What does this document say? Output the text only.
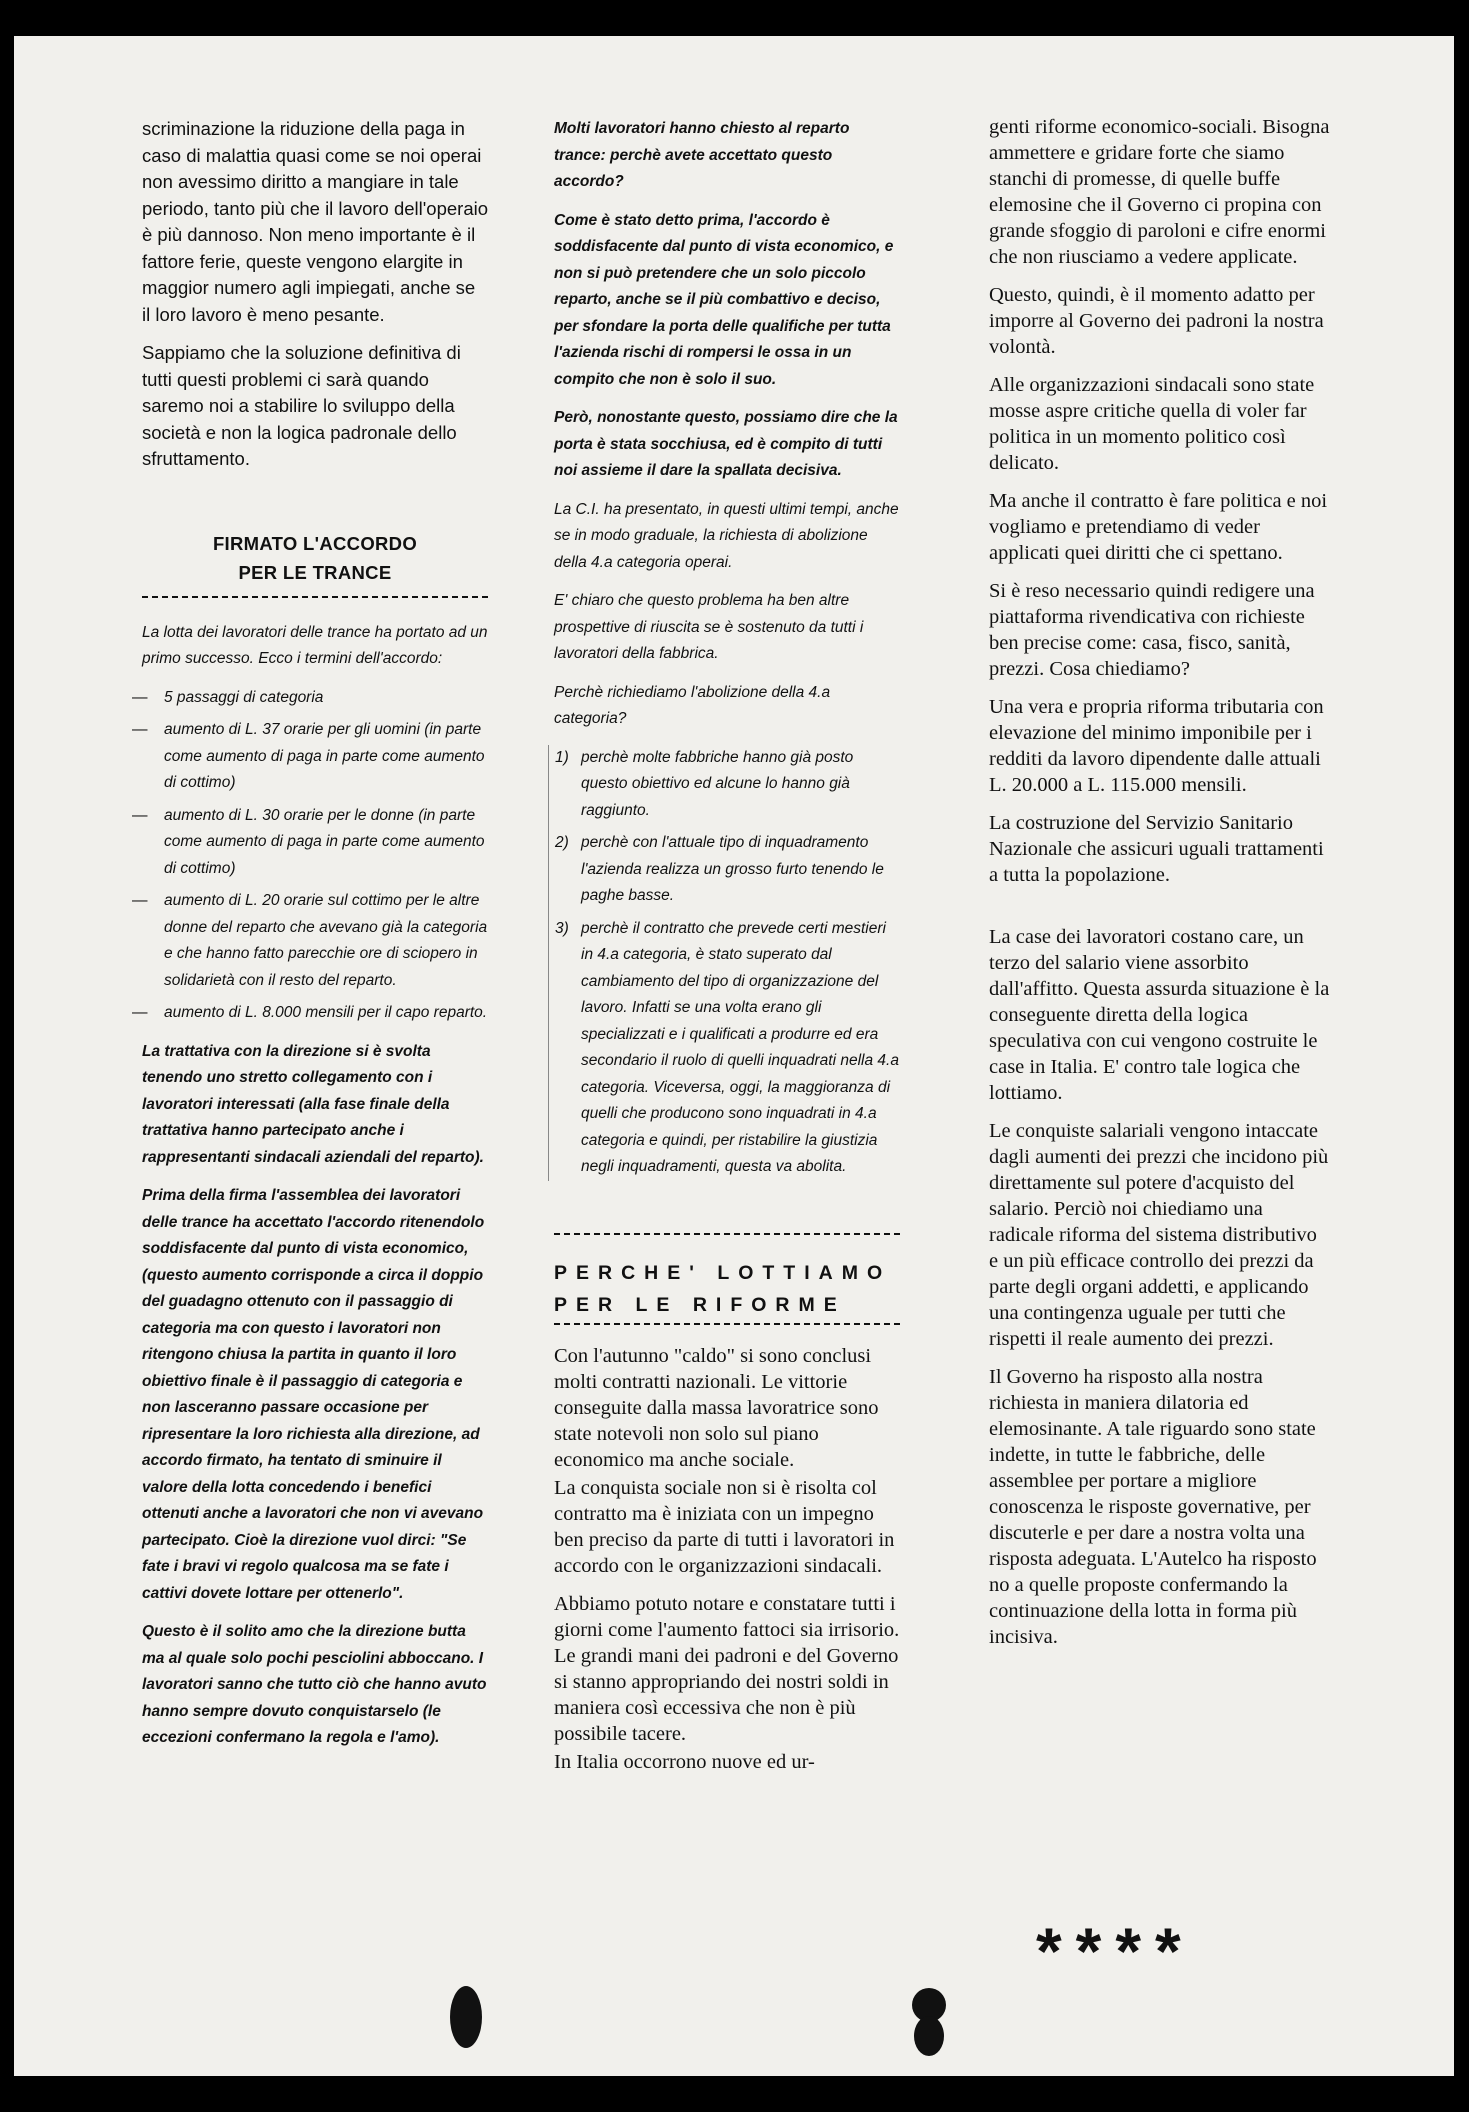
scriminazione la riduzione della paga in caso di malattia quasi come se noi operai non avessimo diritto a mangiare in tale periodo, tanto più che il lavoro dell'operaio è più dannoso. Non meno importante è il fattore ferie, queste vengono elargite in maggior numero agli impiegati, anche se il loro lavoro è meno pesante.

Sappiamo che la soluzione definitiva di tutti questi problemi ci sarà quando saremo noi a stabilire lo sviluppo della società e non la logica padronale dello sfruttamento.

FIRMATO L'ACCORDO
PER LE TRANCE

La lotta dei lavoratori delle trance ha portato ad un primo successo. Ecco i termini dell'accordo:

— 5 passaggi di categoria
— aumento di L. 37 orarie per gli uomini (in parte come aumento di paga in parte come aumento di cottimo)
— aumento di L. 30 orarie per le donne (in parte come aumento di paga in parte come aumento di cottimo)
— aumento di L. 20 orarie sul cottimo per le altre donne del reparto che avevano già la categoria e che hanno fatto parecchie ore di sciopero in solidarietà con il resto del reparto.
— aumento di L. 8.000 mensili per il capo reparto.

La trattativa con la direzione si è svolta tenendo uno stretto collegamento con i lavoratori interessati (alla fase finale della trattativa hanno partecipato anche i rappresentanti sindacali aziendali del reparto).

Prima della firma l'assemblea dei lavoratori delle trance ha accettato l'accordo ritenendolo soddisfacente dal punto di vista economico, (questo aumento corrisponde a circa il doppio del guadagno ottenuto con il passaggio di categoria ma con questo i lavoratori non ritengono chiusa la partita in quanto il loro obiettivo finale è il passaggio di categoria e non lasceranno passare occasione per ripresentare la loro richiesta alla direzione, ad accordo firmato, ha tentato di sminuire il valore della lotta concedendo i benefici ottenuti anche a lavoratori che non vi avevano partecipato. Cioè la direzione vuol dirci: "Se fate i bravi vi regolo qualcosa ma se fate i cattivi dovete lottare per ottenerlo".

Questo è il solito amo che la direzione butta ma al quale solo pochi pesciolini abboccano. I lavoratori sanno che tutto ciò che hanno avuto hanno sempre dovuto conquistarselo (le eccezioni confermano la regola e l'amo).

Molti lavoratori hanno chiesto al reparto trance: perchè avete accettato questo accordo?

Come è stato detto prima, l'accordo è soddisfacente dal punto di vista economico, e non si può pretendere che un solo piccolo reparto, anche se il più combattivo e deciso, per sfondare la porta delle qualifiche per tutta l'azienda rischi di rompersi le ossa in un compito che non è solo il suo.

Però, nonostante questo, possiamo dire che la porta è stata socchiusa, ed è compito di tutti noi assieme il dare la spallata decisiva.

La C.I. ha presentato, in questi ultimi tempi, anche se in modo graduale, la richiesta di abolizione della 4.a categoria operai.

E' chiaro che questo problema ha ben altre prospettive di riuscita se è sostenuto da tutti i lavoratori della fabbrica.

Perchè richiediamo l'abolizione della 4.a categoria?

1) perchè molte fabbriche hanno già posto questo obiettivo ed alcune lo hanno già raggiunto.
2) perchè con l'attuale tipo di inquadramento l'azienda realizza un grosso furto tenendo le paghe basse.
3) perchè il contratto che prevede certi mestieri in 4.a categoria, è stato superato dal cambiamento del tipo di organizzazione del lavoro. Infatti se una volta erano gli specializzati e i qualificati a produrre ed era secondario il ruolo di quelli inquadrati nella 4.a categoria. Viceversa, oggi, la maggioranza di quelli che producono sono inquadrati in 4.a categoria e quindi, per ristabilire la giustizia negli inquadramenti, questa va abolita.
PERCHE' LOTTIAMO
PER LE RIFORME

Con l'autunno "caldo" si sono conclusi molti contratti nazionali. Le vittorie conseguite dalla massa lavoratrice sono state notevoli non solo sul piano economico ma anche sociale.

La conquista sociale non si è risolta col contratto ma è iniziata con un impegno ben preciso da parte di tutti i lavoratori in accordo con le organizzazioni sindacali.

Abbiamo potuto notare e constatare tutti i giorni come l'aumento fattoci sia irrisorio. Le grandi mani dei padroni e del Governo si stanno appropriando dei nostri soldi in maniera così eccessiva che non è più possibile tacere.

In Italia occorrono nuove ed ur-

genti riforme economico-sociali. Bisogna ammettere e gridare forte che siamo stanchi di promesse, di quelle buffe elemosine che il Governo ci propina con grande sfoggio di paroloni e cifre enormi che non riusciamo a vedere applicate.

Questo, quindi, è il momento adatto per imporre al Governo dei padroni la nostra volontà.

Alle organizzazioni sindacali sono state mosse aspre critiche quella di voler far politica in un momento politico così delicato.

Ma anche il contratto è fare politica e noi vogliamo e pretendiamo di veder applicati quei diritti che ci spettano.

Si è reso necessario quindi redigere una piattaforma rivendicativa con richieste ben precise come: casa, fisco, sanità, prezzi. Cosa chiediamo?

Una vera e propria riforma tributaria con elevazione del minimo imponibile per i redditi da lavoro dipendente dalle attuali L. 20.000 a L. 115.000 mensili.

La costruzione del Servizio Sanitario Nazionale che assicuri uguali trattamenti a tutta la popolazione.

La case dei lavoratori costano care, un terzo del salario viene assorbito dall'affitto. Questa assurda situazione è la conseguente diretta della logica speculativa con cui vengono costruite le case in Italia. E' contro tale logica che lottiamo.

Le conquiste salariali vengono intaccate dagli aumenti dei prezzi che incidono più direttamente sul potere d'acquisto del salario. Perciò noi chiediamo una radicale riforma del sistema distributivo e un più efficace controllo dei prezzi da parte degli organi addetti, e applicando una contingenza uguale per tutti che rispetti il reale aumento dei prezzi.

Il Governo ha risposto alla nostra richiesta in maniera dilatoria ed elemosinante. A tale riguardo sono state indette, in tutte le fabbriche, delle assemblee per portare a migliore conoscenza le risposte governative, per discuterle e per dare a nostra volta una risposta adeguata. L'Autelco ha risposto no a quelle proposte confermando la continuazione della lotta in forma più incisiva.

****
